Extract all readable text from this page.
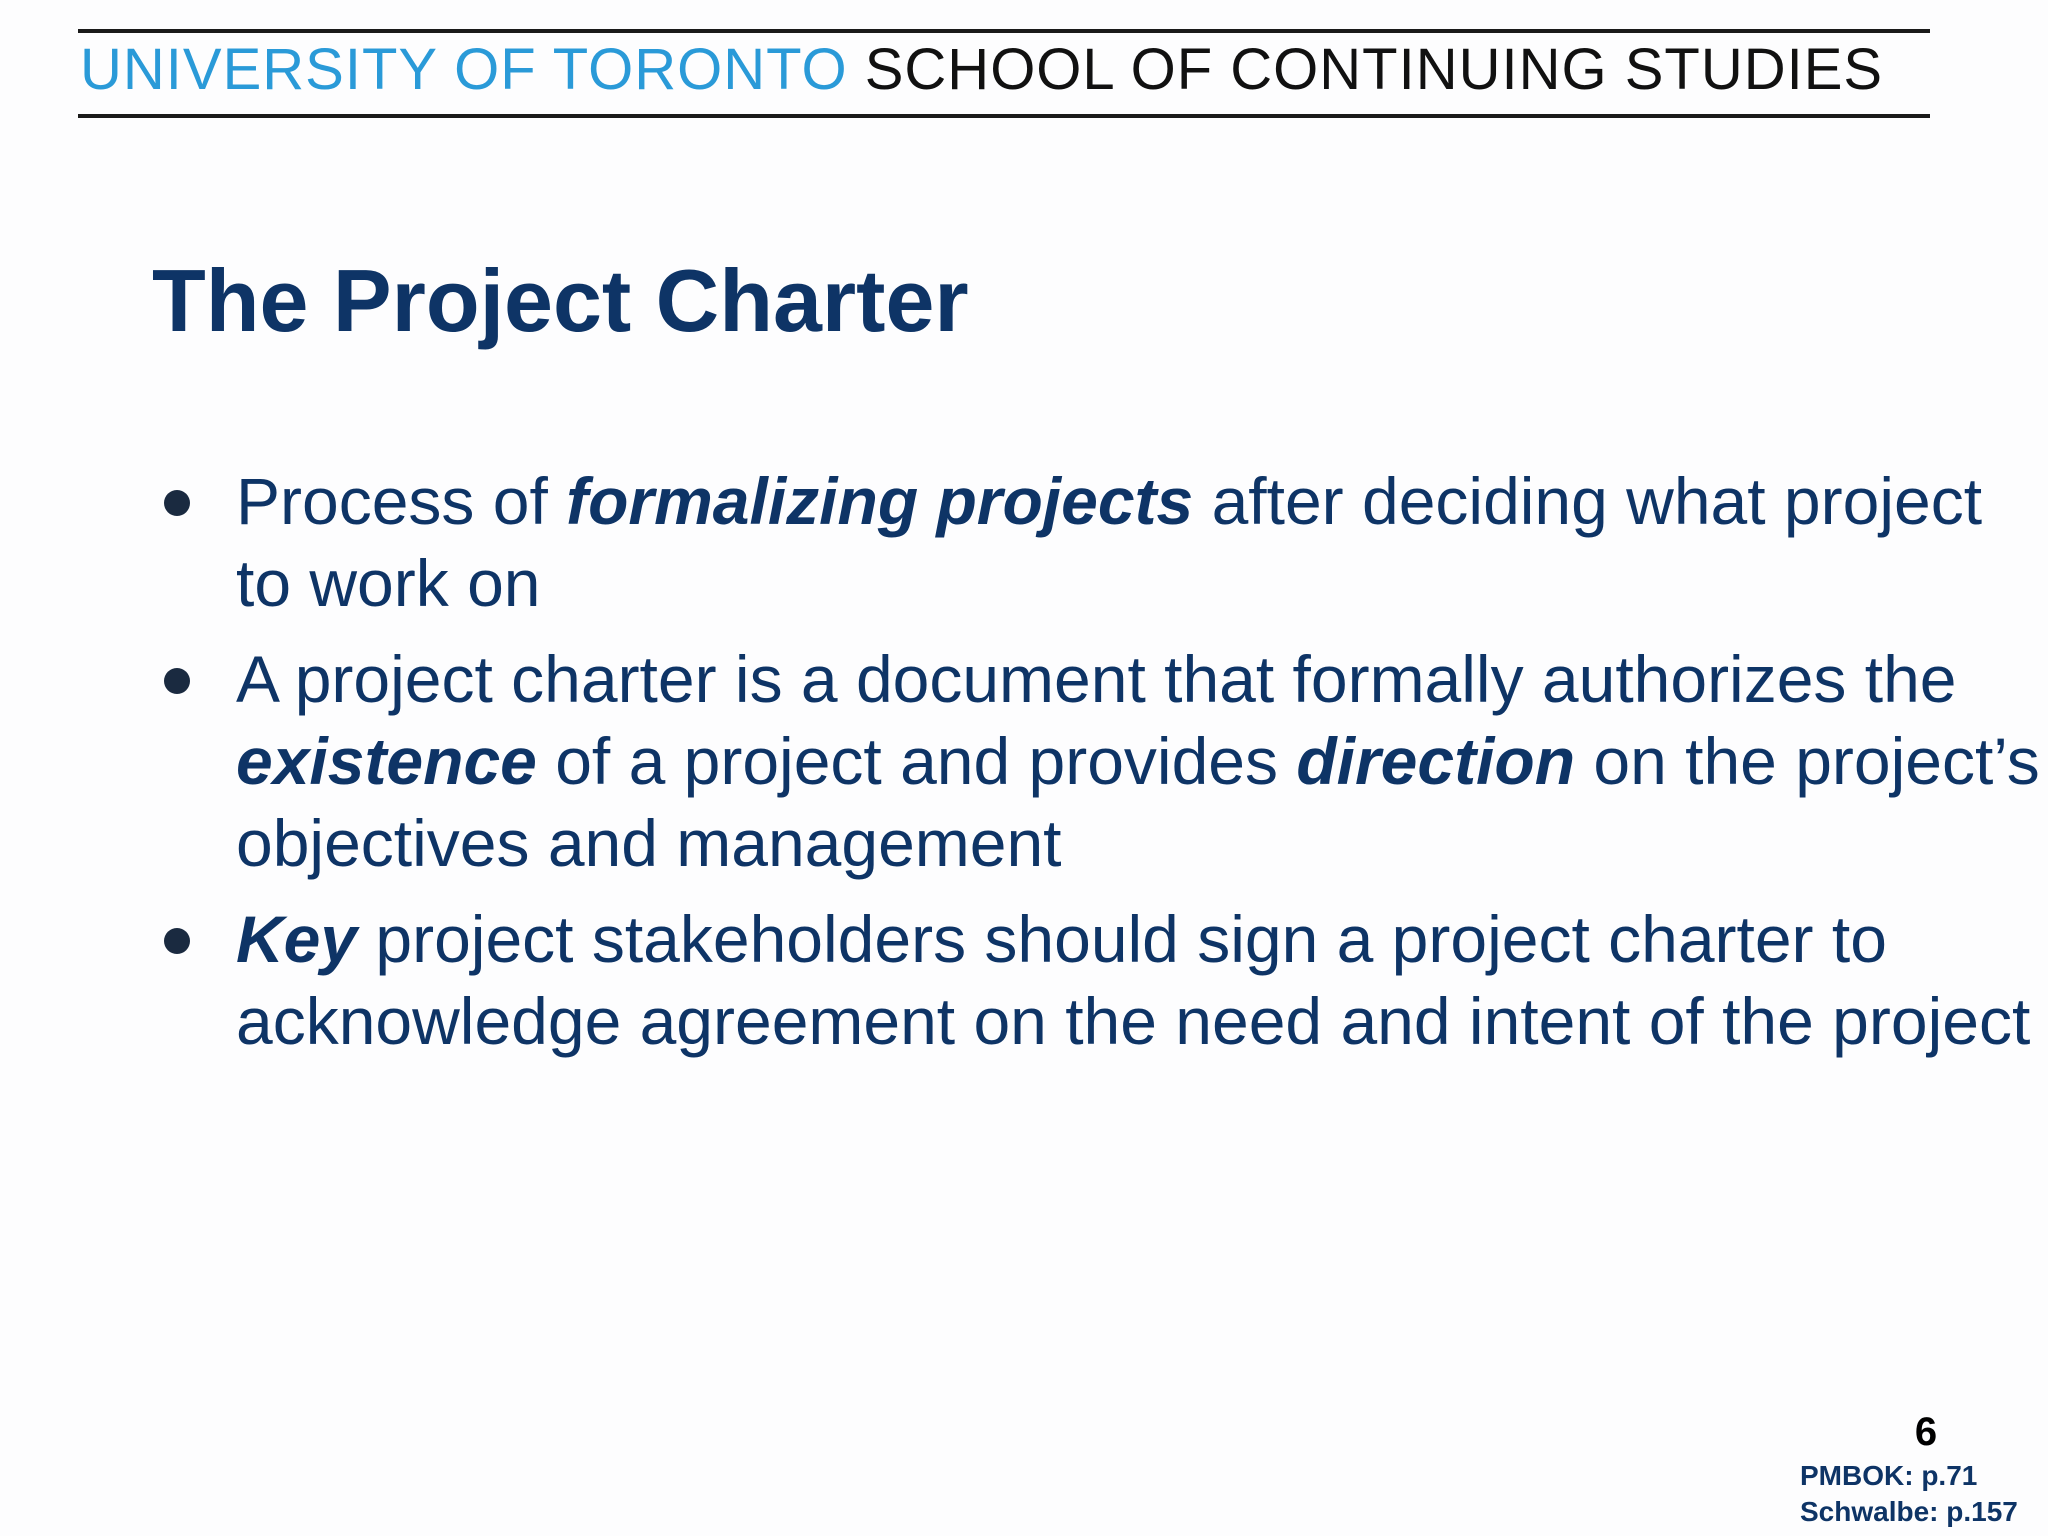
UNIVERSITY OF TORONTO SCHOOL OF CONTINUING STUDIES
The Project Charter
Process of formalizing projects after deciding what project to work on
A project charter is a document that formally authorizes the existence of a project and provides direction on the project’s objectives and management
Key project stakeholders should sign a project charter to acknowledge agreement on the need and intent of the project
6
PMBOK: p.71
Schwalbe: p.157
